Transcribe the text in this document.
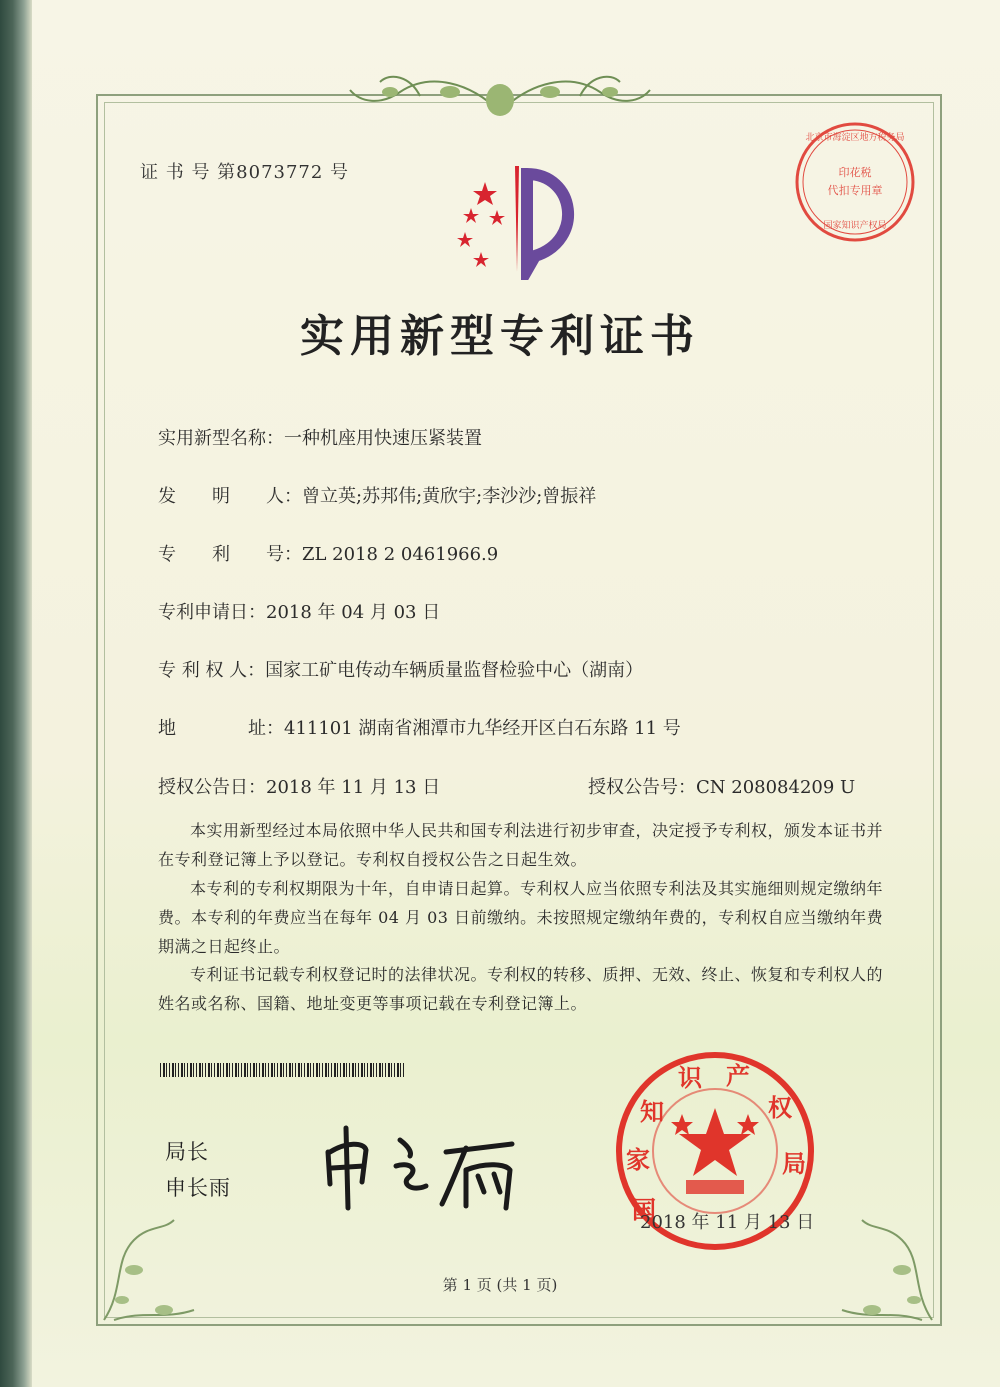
证 书 号 第8073772 号	印花税
代扣专用章
北京市海淀区地方税务局
国家知识产权局
实用新型专利证书
实用新型名称：一种机座用快速压紧装置
发　　明　　人：曾立英;苏邦伟;黄欣宇;李沙沙;曾振祥
专　　利　　号：ZL 2018 2 0461966.9
专利申请日：2018 年 04 月 03 日
专 利 权 人：国家工矿电传动车辆质量监督检验中心（湖南）
地　　　　址：411101 湖南省湘潭市九华经开区白石东路 11 号
授权公告日：2018 年 11 月 13 日	授权公告号：CN 208084209 U
本实用新型经过本局依照中华人民共和国专利法进行初步审查，决定授予专利权，颁发本证书并在专利登记簿上予以登记。专利权自授权公告之日起生效。
本专利的专利权期限为十年，自申请日起算。专利权人应当依照专利法及其实施细则规定缴纳年费。本专利的年费应当在每年 04 月 03 日前缴纳。未按照规定缴纳年费的，专利权自应当缴纳年费期满之日起终止。
专利证书记载专利权登记时的法律状况。专利权的转移、质押、无效、终止、恢复和专利权人的姓名或名称、国籍、地址变更等事项记载在专利登记簿上。
局长
申长雨
国
家
知
识 产
权
局
2018 年 11 月 13 日
第 1 页 (共 1 页)
